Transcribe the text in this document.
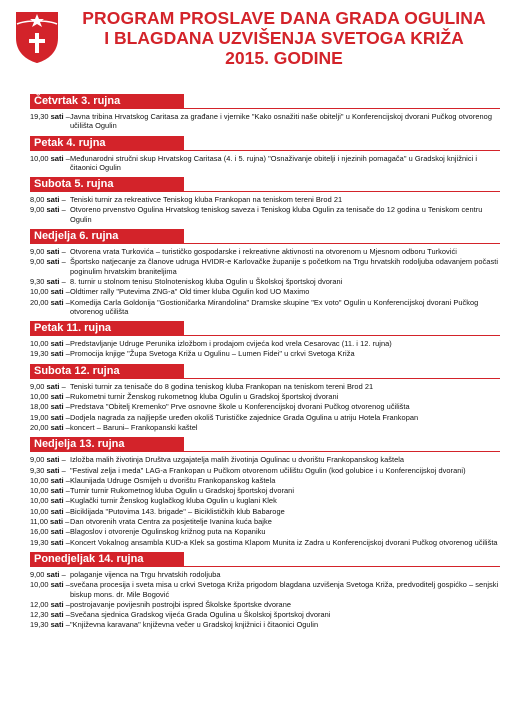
PROGRAM PROSLAVE DANA GRADA OGULINA
I BLAGDANA UZVIŠENJA SVETOGA KRIŽA
2015. GODINE
Četvrtak 3. rujna
19,30 sati – Javna tribina Hrvatskog Caritasa za građane i vjernike "Kako osnažiti naše obitelji" u Konferencijskoj dvorani Pučkog otvorenog učilišta Ogulin
Petak 4. rujna
10,00 sati – Međunarodni stručni skup Hrvatskog Caritasa (4. i 5. rujna) "Osnaživanje obitelji i njezinih pomagača" u Gradskoj knjižnici i čitaonici Ogulin
Subota 5. rujna
8,00 sati – Teniski turnir za rekreativce Teniskog kluba Frankopan na teniskom tereni Brod 21
9,00 sati – Otvoreno prvenstvo Ogulina Hrvatskog teniskog saveza i Teniskog kluba Ogulin za tenisače do 12 godina u Teniskom centru Ogulin
Nedjelja 6. rujna
9,00 sati – Otvorena vrata Turkovića – turističko gospodarske i rekreativne aktivnosti na otvorenom u Mjesnom odboru Turkovići
9,00 sati – Športsko natjecanje za članove udruga HVIDR-e Karlovačke županije s početkom na Trgu hrvatskih rodoljuba odavanjem počasti poginulim hrvatskim braniteljima
9,30 sati – 8. turnir u stolnom tenisu Stolnoteniskog kluba Ogulin u Školskoj športskoj dvorani
10,00 sati – Oldtimer rally "Putevima ZNG-a" Old timer kluba Ogulin kod UO Maximo
20,00 sati – Komedija Carla Goldonija "Gostioničarka Mirandolina" Dramske skupine "Ex voto" Ogulin u Konferencijskoj dvorani Pučkog otvorenog učilišta
Petak 11. rujna
10,00 sati – Predstavljanje Udruge Perunika izložbom i prodajom cvijeća kod vrela Cesarovac (11. i 12. rujna)
19,30 sati – Promocija knjige "Župa Svetoga Križa u Ogulinu – Lumen Fidei" u crkvi Svetoga Križa
Subota 12. rujna
9,00 sati – Teniski turnir za tenisače do 8 godina teniskog kluba Frankopan na teniskom tereni Brod 21
10,00 sati – Rukometni turnir Ženskog rukometnog kluba Ogulin u Gradskoj športskoj dvorani
18,00 sati – Predstava "Obitelj Kremenko" Prve osnovne škole u Konferencijskoj dvorani Pučkog otvorenog učilišta
19,00 sati – Dodjela nagrada za najljepše uređen okoliš Turističke zajednice Grada Ogulina u atriju Hotela Frankopan
20,00 sati – koncert – Baruni– Frankopanski kaštel
Nedjelja 13. rujna
9,00 sati – Izložba malih životinja Društva uzgajatelja malih životinja Ogulinac u dvorištu Frankopanskog kaštela
9,30 sati – "Festival zelja i meda" LAG-a Frankopan u Pučkom otvorenom učilištu Ogulin (kod golubice i u Konferencijskoj dvorani)
10,00 sati – Klaunijada Udruge Osmijeh u dvorištu Frankopanskog kaštela
10,00 sati – Turnir turnir Rukometnog kluba Ogulin u Gradskoj športskoj dvorani
10,00 sati – Kuglački turnir Ženskog kuglačkog kluba Ogulin u kuglani Klek
10,00 sati – Biciklijada "Putovima 143. brigade" – Biciklističkih klub Babaroge
11,00 sati – Dan otvorenih vrata Centra za posjetitelje Ivanina kuća bajke
16,00 sati – Blagoslov i otvorenje Ogulinskog križnog puta na Kopaniku
19,30 sati – Koncert Vokalnog ansambla KUD-a Klek sa gostima Klapom Munita iz Zadra u Konferencijskoj dvorani Pučkog otvorenog učilišta
Ponedjeljak 14. rujna
9,00 sati – polaganje vijenca na Trgu hrvatskih rodoljuba
10,00 sati – svečana procesija i sveta misa u crkvi Svetoga Križa prigodom blagdana uzvišenja Svetoga Križa, predvoditelj gospićko – senjski biskup mons. dr. Mile Bogović
12,00 sati – postrojavanje povijesnih postrojbi ispred Školske športske dvorane
12,30 sati – Svečana sjednica Gradskog vijeća Grada Ogulina u Školskoj športskoj dvorani
19,30 sati – "Književna karavana" književna večer u Gradskoj knjižnici i čitaonici Ogulin
